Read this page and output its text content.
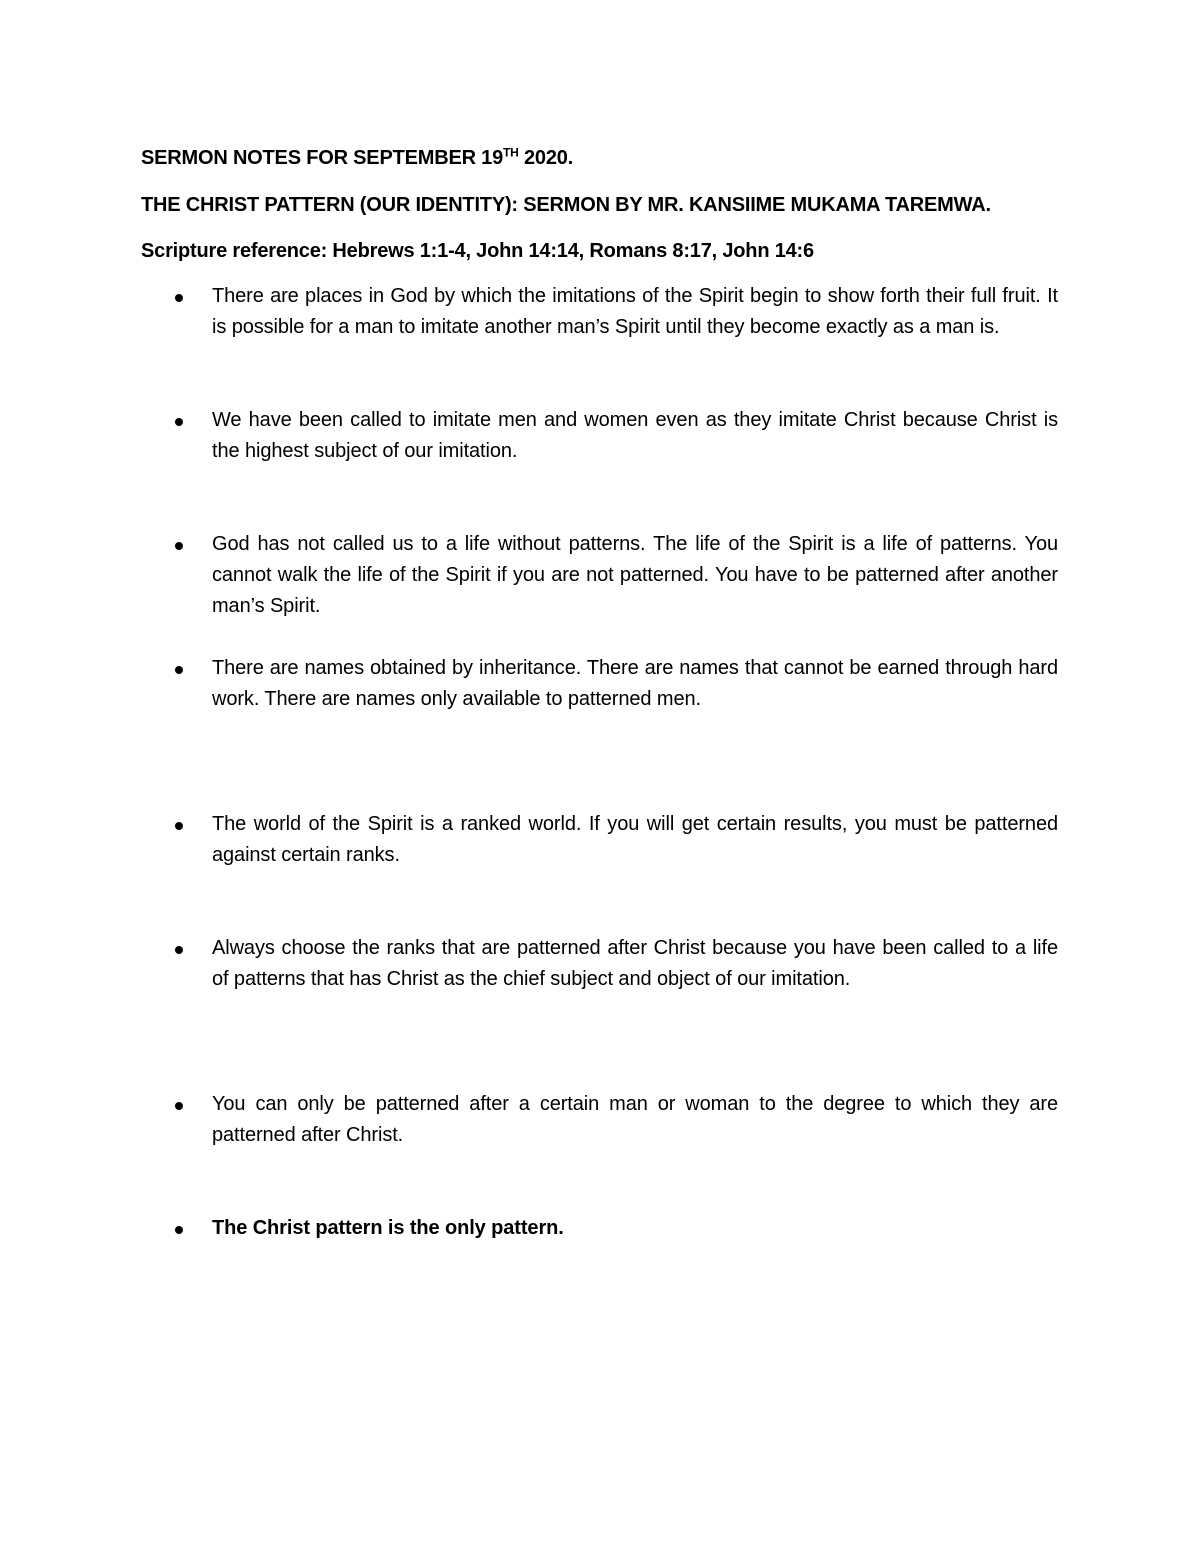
SERMON NOTES FOR SEPTEMBER 19TH 2020.
THE CHRIST PATTERN (OUR IDENTITY): SERMON BY MR. KANSIIME MUKAMA TAREMWA.
Scripture reference: Hebrews 1:1-4, John 14:14, Romans 8:17, John 14:6
There are places in God by which the imitations of the Spirit begin to show forth their full fruit. It is possible for a man to imitate another man’s Spirit until they become exactly as a man is.
We have been called to imitate men and women even as they imitate Christ because Christ is the highest subject of our imitation.
God has not called us to a life without patterns. The life of the Spirit is a life of patterns. You cannot walk the life of the Spirit if you are not patterned. You have to be patterned after another man’s Spirit.
There are names obtained by inheritance. There are names that cannot be earned through hard work. There are names only available to patterned men.
The world of the Spirit is a ranked world. If you will get certain results, you must be patterned against certain ranks.
Always choose the ranks that are patterned after Christ because you have been called to a life of patterns that has Christ as the chief subject and object of our imitation.
You can only be patterned after a certain man or woman to the degree to which they are patterned after Christ.
The Christ pattern is the only pattern.
